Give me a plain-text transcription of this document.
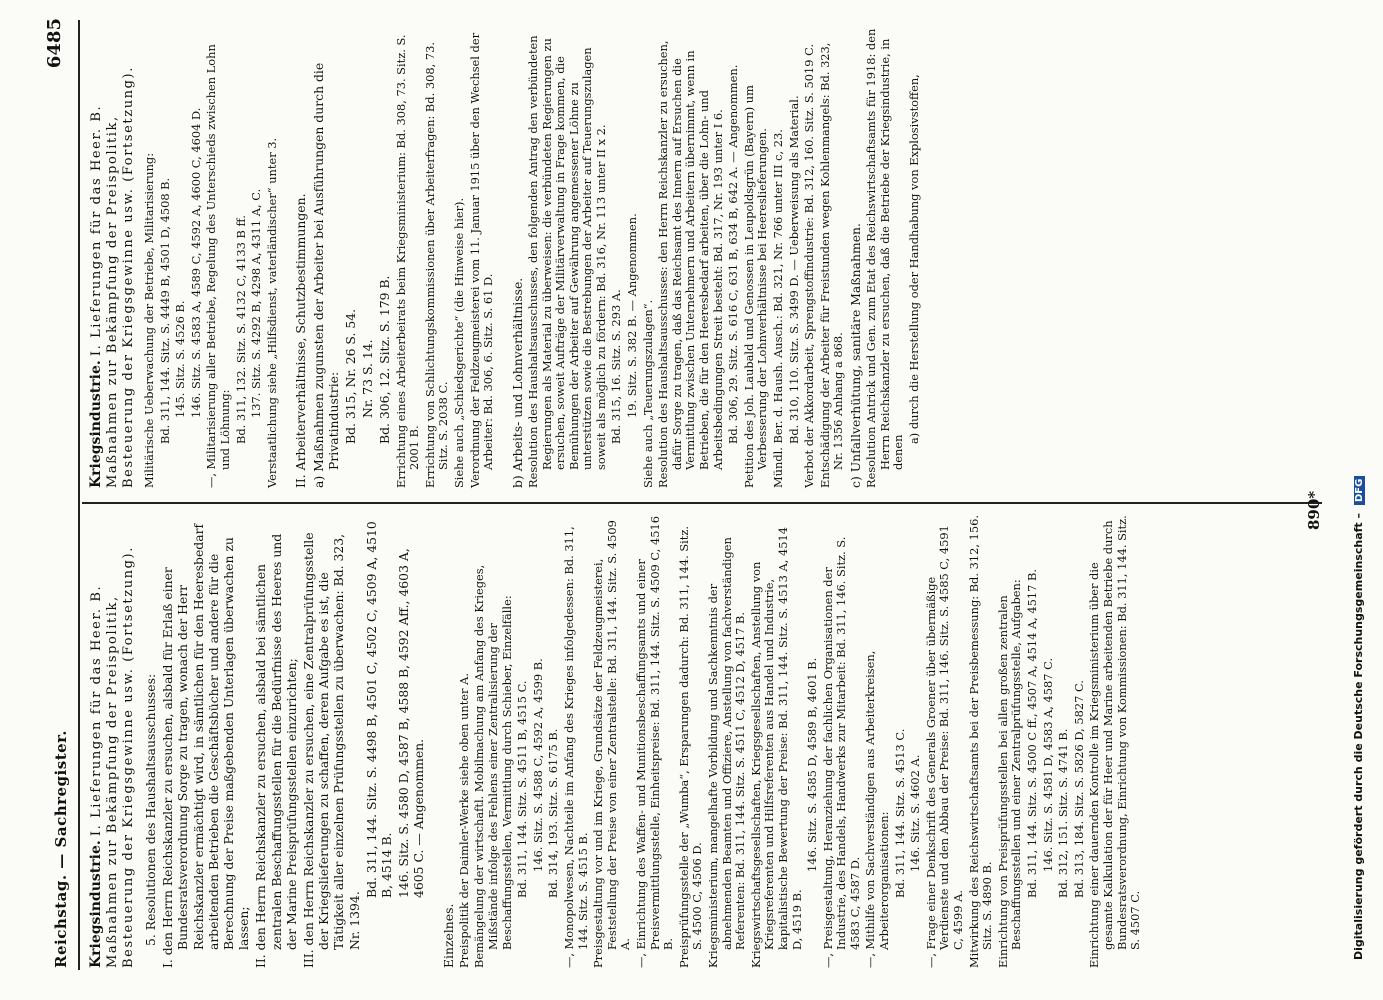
Reichstag. — Sachregister.
6485

Kriegsindustrie. I. Lieferungen für das Heer. B. Maßnahmen zur Bekämpfung der Preispolitik, Besteuerung der Kriegsgewinne usw. (Fortsetzung). 5. Resolutionen des Haushaltsausschusses: I. den Herrn Reichskanzler zu ersuchen, alsbald für Erlaß einer Bundesratsverordnung Sorge zu tragen, wonach der Herr Reichskanzler ermächtigt wird, in sämtlichen für den Heeresbedarf arbeitenden Betrieben die Geschäftsbücher und andere für die Berechnung der Preise maßgebenden Unterlagen überwachen zu lassen; II. den Herrn Reichskanzler zu ersuchen, alsbald bei sämtlichen zentralen Beschaffungsstellen für die Bedürfnisse des Heeres und der Marine Preisprüfungsstellen einzurichten; III. den Herrn Reichskanzler zu ersuchen, eine Zentralprüfungsstelle der Kriegslieferungen zu schaffen, deren Aufgabe es ist, die Tätigkeit aller einzelnen Prüfungsstellen zu überwachen: Bd. 323, Nr. 1394.

Bd. 311, 144. Sitz. S. 4498 B, 4501 C, 4502 C, 4509 A, 4510 B, 4514 B. 146. Sitz. S. 4580 D, 4587 B, 4588 B, 4592 Aff., 4603 A, 4605 C. — Angenommen.

Einzelnes. Preispolitik der Daimler-Werke siehe oben unter A. Bemängelung der wirtschaftl. Mobilmachung am Anfang des Krieges, Mißstände infolge des Fehlens einer Zentralisierung der Beschaffungsstellen, Vermittlung durch Schieber, Einzelfälle: Bd. 311, 144. Sitz. S. 4511 B, 4515 C. 146. Sitz. S. 4588 C, 4592 A, 4599 B. Bd. 314, 193. Sitz. S. 6175 B. —, Monopolwesen, Nachteile im Anfang des Krieges infolgedessen: Bd. 311, 144. Sitz. S. 4515 B. Preisgestaltung vor und im Kriege, Grundsätze der Feldzeugmeisterei, Feststellung der Preise von einer Zentralstelle: Bd. 311, 144. Sitz. S. 4509 A. —, Einrichtung des Waffen- und Munitionsbeschaffungsamts und einer Preisvermittlungsstelle, Einheitspreise: Bd. 311, 144. Sitz. S. 4509 C, 4516 B. Preisprüfungsstelle der „Wumba“, Ersparungen dadurch: Bd. 311, 144. Sitz. S. 4500 C, 4506 D. Kriegsministerium, mangelhafte Vorbildung und Sachkenntnis der abnehmenden Beamten und Offiziere, Anstellung von fachverständigen Referenten: Bd. 311, 144. Sitz. S. 4511 C, 4512 D, 4517 B. Kriegswirtschaftsgesellschaften, Kriegsgesellschaften, Anstellung von Kriegsreferenten und Hilfsreferenten aus Handel und Industrie, kapitalistische Bewertung der Preise: Bd. 311, 144. Sitz. S. 4513 A, 4514 D, 4519 B.

146. Sitz. S. 4585 D, 4589 B, 4601 B. —, Preisgestaltung, Heranziehung der fachlichen Organisationen der Industrie, des Handels, Handwerks zur Mitarbeit: Bd. 311, 146. Sitz. S. 4583 C, 4587 D. —, Mithilfe von Sachverständigen aus Arbeiterkreisen, Arbeiterorganisationen: Bd. 311, 144. Sitz. S. 4513 C. 146. Sitz. S. 4602 A. —, Frage einer Denkschrift des Generals Groener über übermäßige Verdienste und den Abbau der Preise: Bd. 311, 146. Sitz. S. 4585 C, 4591 C, 4599 A. Mitwirkung des Reichswirtschaftsamts bei der Preisbemessung: Bd. 312, 156. Sitz. S. 4890 B. Einrichtung von Preisprüfungsstellen bei allen großen zentralen Beschaffungsstellen und einer Zentralprüfungsstelle, Aufgaben: Bd. 311, 144. Sitz. S. 4500 C ff., 4507 A, 4514 A, 4517 B. 146. Sitz. S. 4581 D, 4583 A, 4587 C. Bd. 312, 151. Sitz. S. 4741 B. Bd. 313, 184. Sitz. S. 5826 D, 5827 C. Einrichtung einer dauernden Kontrolle im Kriegsministerium über die gesamte Kalkulation der für Heer und Marine arbeitenden Betriebe durch Bundesratsverordnung, Einrichtung von Kommissionen: Bd. 311, 144. Sitz. S. 4507 C.

Kriegsindustrie. I. Lieferungen für das Heer. B. Maßnahmen zur Bekämpfung der Preispolitik, Besteuerung der Kriegsgewinne usw. (Fortsetzung). Militärische Ueberwachung der Betriebe, Militarisierung: Bd. 311, 144. Sitz. S. 4449 B, 4501 D, 4508 B. 145. Sitz. S. 4526 B. 146. Sitz. S. 4583 A, 4589 C, 4592 A, 4600 C, 4604 D. —, Militarisierung aller Betriebe, Regelung des Unterschieds zwischen Lohn und Löhnung: Bd. 311, 132. Sitz. S. 4132 C, 4133 B ff. 137. Sitz. S. 4292 B, 4298 A, 4311 A, C. Verstaatlichung siehe „Hilfsdienst, vaterländischer“ unter 3. II. Arbeiterverhältnisse, Schutzbestimmungen. a) Maßnahmen zugunsten der Arbeiter bei Ausführungen durch die Privatindustrie: Bd. 315, Nr. 26 S. 54. Nr. 73 S. 14. Bd. 306, 12. Sitz. S. 179 B. Errichtung eines Arbeiterbeirats beim Kriegsministerium: Bd. 308, 73. Sitz. S. 2001 B. Errichtung von Schlichtungskommissionen über Arbeiterfragen: Bd. 308, 73. Sitz. S. 2038 C. Siehe auch „Schiedsgerichte“ (die Hinweise hier). Verordnung der Feldzeugmeisterei vom 11. Januar 1915 über den Wechsel der Arbeiter: Bd. 306, 6. Sitz. S. 61 D. b) Arbeits- und Lohnverhältnisse. Resolution des Haushaltsausschusses, den folgenden Antrag den verbündeten Regierungen als Material zu überweisen: die verbündeten Regierungen zu ersuchen, soweit Aufträge der Militärverwaltung in Frage kommen, die Bemühungen der Arbeiter auf Gewährung angemessener Löhne zu unterstützen sowie die Bestrebungen der Arbeiter auf Teuerungszulagen soweit als möglich zu fördern: Bd. 316, Nr. 113 unter II x 2. Bd. 315, 16. Sitz. S. 293 A. 19. Sitz. S. 382 B. — Angenommen. Siehe auch „Teuerungszulagen“. Resolution des Haushaltsausschusses: den Herrn Reichskanzler zu ersuchen, dafür Sorge zu tragen, daß das Reichsamt des Innern auf Ersuchen die Vermittlung zwischen Unternehmern und Arbeitern übernimmt, wenn in Betrieben, die für den Heeresbedarf arbeiten, über die Lohn- und Arbeitsbedingungen Streit besteht: Bd. 317, Nr. 193 unter I 6. Bd. 306, 29. Sitz. S. 616 C, 631 B, 634 B, 642 A. — Angenommen. Petition des Joh. Laubald und Genossen in Leupoldsgrün (Bayern) um Verbesserung der Lohnverhältnisse bei Heereslieferungen. Mündl. Ber. d. Haush. Ausch.: Bd. 321, Nr. 766 unter III c, 23. Bd. 310, 110. Sitz. S. 3499 D. — Ueberweisung als Material. Verbot der Akkordarbeit, Sprengstoffindustrie: Bd. 312, 160. Sitz. S. 5019 C. Entschädigung der Arbeiter für Freistunden wegen Kohlenmangels: Bd. 323, Nr. 1356 Anhang a 868. c) Unfallverhütung, sanitäre Maßnahmen. Resolution Antrick und Gen. zum Etat des Reichswirtschaftsamts für 1918: den Herrn Reichskanzler zu ersuchen, daß die Betriebe der Kriegsindustrie, in denen

a) durch die Herstellung oder Handhabung von Explosivstoffen,

890*
Digitalisierung gefördert durch die Deutsche Forschungsgemeinschaft –DFG
